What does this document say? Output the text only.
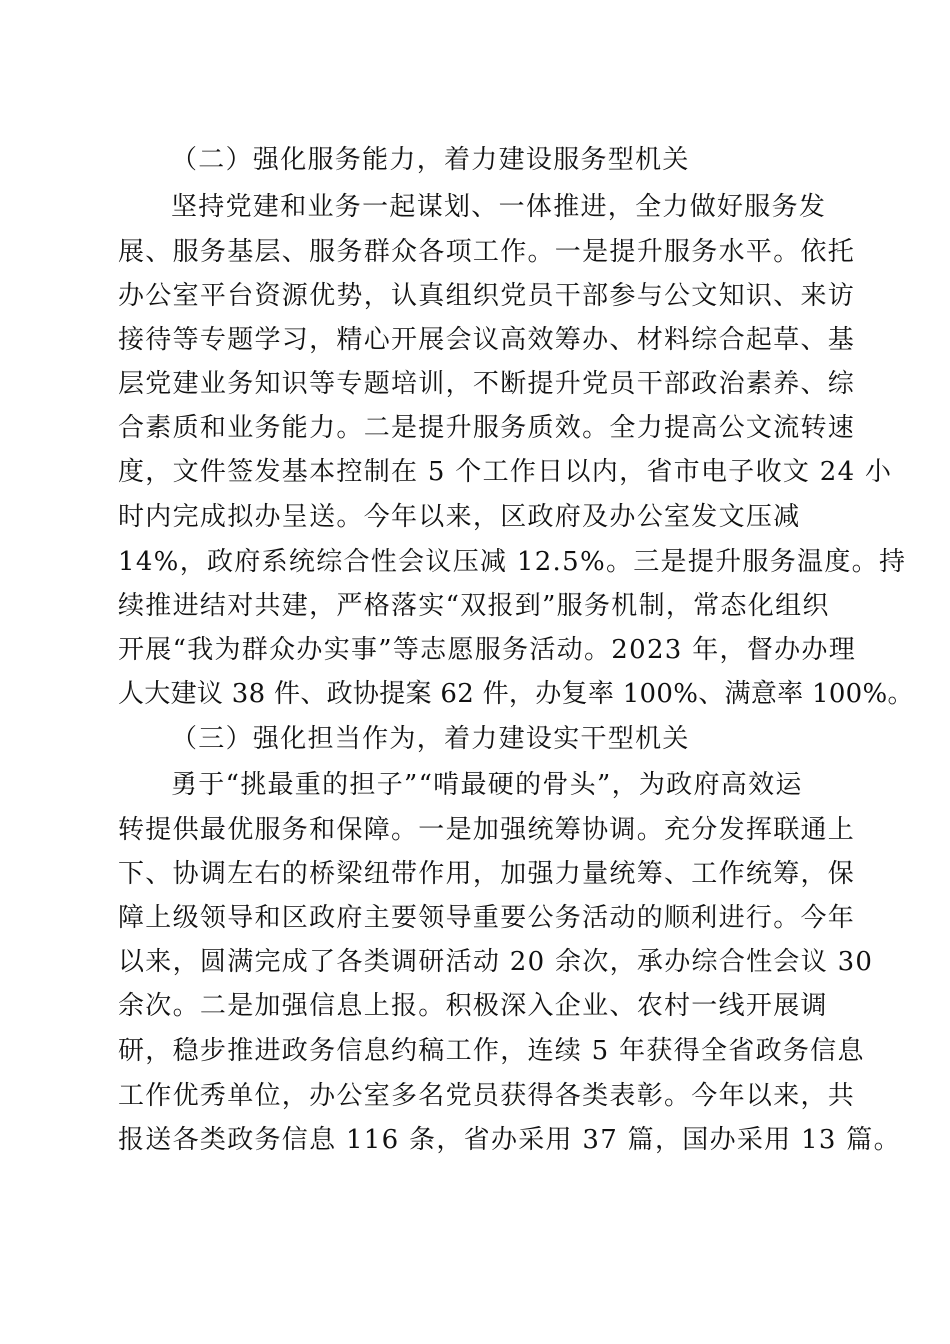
（二）强化服务能力，着力建设服务型机关
坚持党建和业务一起谋划、一体推进，全力做好服务发
展、服务基层、服务群众各项工作。一是提升服务水平。依托
办公室平台资源优势，认真组织党员干部参与公文知识、来访
接待等专题学习，精心开展会议高效筹办、材料综合起草、基
层党建业务知识等专题培训，不断提升党员干部政治素养、综
合素质和业务能力。二是提升服务质效。全力提高公文流转速
度，文件签发基本控制在 5 个工作日以内，省市电子收文 24 小
时内完成拟办呈送。今年以来，区政府及办公室发文压减
14%，政府系统综合性会议压减 12.5%。三是提升服务温度。持
续推进结对共建，严格落实“双报到”服务机制，常态化组织
开展“我为群众办实事”等志愿服务活动。2023 年，督办办理
人大建议 38 件、政协提案 62 件，办复率 100%、满意率 100%。
（三）强化担当作为，着力建设实干型机关
勇于“挑最重的担子”“啃最硬的骨头”，为政府高效运
转提供最优服务和保障。一是加强统筹协调。充分发挥联通上
下、协调左右的桥梁纽带作用，加强力量统筹、工作统筹，保
障上级领导和区政府主要领导重要公务活动的顺利进行。今年
以来，圆满完成了各类调研活动 20 余次，承办综合性会议 30
余次。二是加强信息上报。积极深入企业、农村一线开展调
研，稳步推进政务信息约稿工作，连续 5 年获得全省政务信息
工作优秀单位，办公室多名党员获得各类表彰。今年以来，共
报送各类政务信息 116 条，省办采用 37 篇，国办采用 13 篇。
